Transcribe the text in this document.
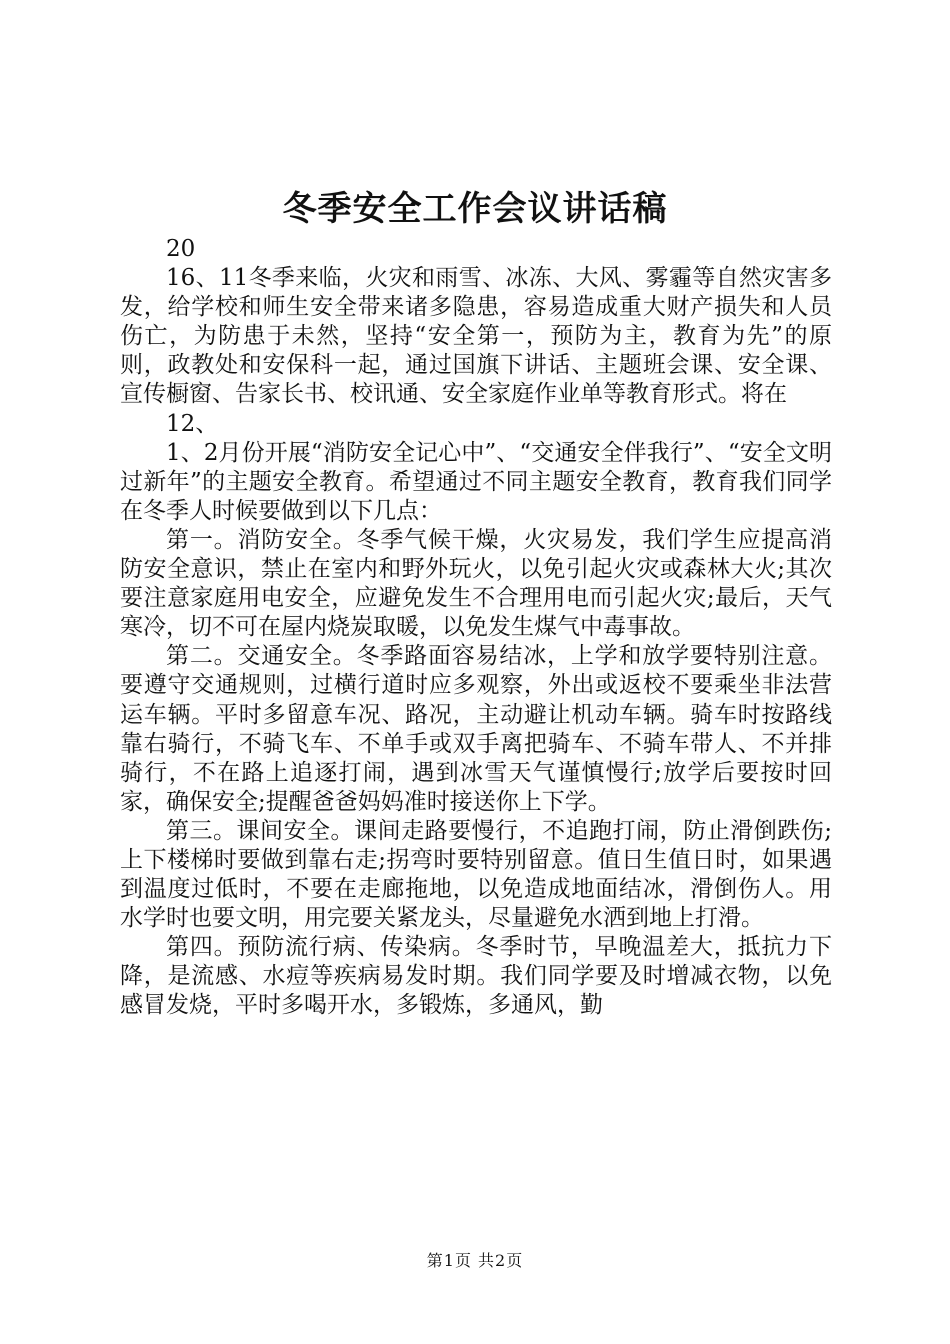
冬季安全工作会议讲话稿

20

16、11冬季来临，火灾和雨雪、冰冻、大风、雾霾等自然灾害多发，给学校和师生安全带来诸多隐患，容易造成重大财产损失和人员伤亡，为防患于未然，坚持“安全第一，预防为主，教育为先”的原则，政教处和安保科一起，通过国旗下讲话、主题班会课、安全课、宣传橱窗、告家长书、校讯通、安全家庭作业单等教育形式。将在

12、

1、2月份开展“消防安全记心中”、“交通安全伴我行”、“安全文明过新年”的主题安全教育。希望通过不同主题安全教育，教育我们同学在冬季人时候要做到以下几点：

第一。消防安全。冬季气候干燥，火灾易发，我们学生应提高消防安全意识，禁止在室内和野外玩火，以免引起火灾或森林大火;其次要注意家庭用电安全，应避免发生不合理用电而引起火灾;最后，天气寒冷，切不可在屋内烧炭取暖，以免发生煤气中毒事故。

第二。交通安全。冬季路面容易结冰，上学和放学要特别注意。要遵守交通规则，过横行道时应多观察，外出或返校不要乘坐非法营运车辆。平时多留意车况、路况，主动避让机动车辆。骑车时按路线靠右骑行，不骑飞车、不单手或双手离把骑车、不骑车带人、不并排骑行，不在路上追逐打闹，遇到冰雪天气谨慎慢行;放学后要按时回家，确保安全;提醒爸爸妈妈准时接送你上下学。

第三。课间安全。课间走路要慢行，不追跑打闹，防止滑倒跌伤;上下楼梯时要做到靠右走;拐弯时要特别留意。值日生值日时，如果遇到温度过低时，不要在走廊拖地，以免造成地面结冰，滑倒伤人。用水学时也要文明，用完要关紧龙头，尽量避免水洒到地上打滑。

第四。预防流行病、传染病。冬季时节，早晚温差大，抵抗力下降，是流感、水痘等疾病易发时期。我们同学要及时增减衣物，以免感冒发烧，平时多喝开水，多锻炼，多通风，勤

第1页 共2页
